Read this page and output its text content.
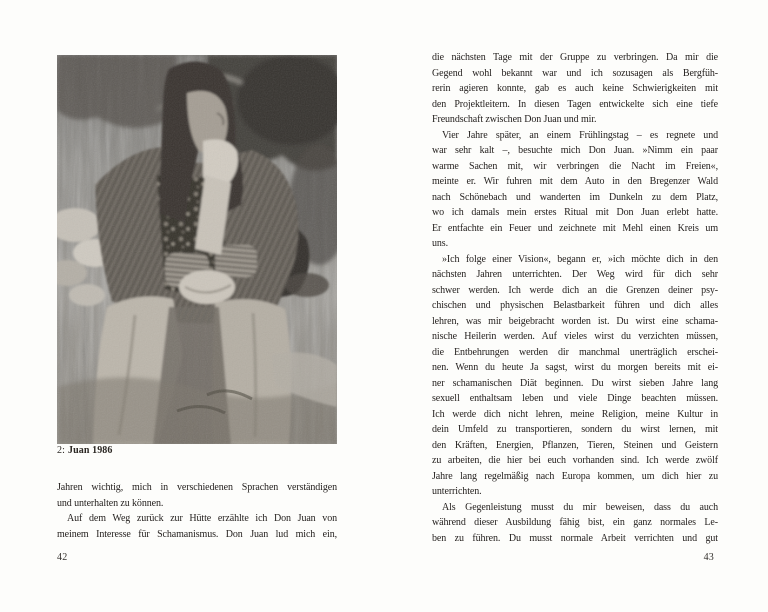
2: Juan 1986
Jahren wichtig, mich in verschiedenen Sprachen verständigen
und unterhalten zu können.
Auf dem Weg zurück zur Hütte erzählte ich Don Juan von
meinem Interesse für Schamanismus. Don Juan lud mich ein,
42
die nächsten Tage mit der Gruppe zu verbringen. Da mir die
Gegend wohl bekannt war und ich sozusagen als Bergfüh-
rerin agieren konnte, gab es auch keine Schwierigkeiten mit
den Projektleitern. In diesen Tagen entwickelte sich eine tiefe
Freundschaft zwischen Don Juan und mir.
Vier Jahre später, an einem Frühlingstag – es regnete und
war sehr kalt –, besuchte mich Don Juan. »Nimm ein paar
warme Sachen mit, wir verbringen die Nacht im Freien«,
meinte er. Wir fuhren mit dem Auto in den Bregenzer Wald
nach Schönebach und wanderten im Dunkeln zu dem Platz,
wo ich damals mein erstes Ritual mit Don Juan erlebt hatte.
Er entfachte ein Feuer und zeichnete mit Mehl einen Kreis um
uns.
»Ich folge einer Vision«, begann er, »ich möchte dich in den
nächsten Jahren unterrichten. Der Weg wird für dich sehr
schwer werden. Ich werde dich an die Grenzen deiner psy-
chischen und physischen Belastbarkeit führen und dich alles
lehren, was mir beigebracht worden ist. Du wirst eine schama-
nische Heilerin werden. Auf vieles wirst du verzichten müssen,
die Entbehrungen werden dir manchmal unerträglich erschei-
nen. Wenn du heute Ja sagst, wirst du morgen bereits mit ei-
ner schamanischen Diät beginnen. Du wirst sieben Jahre lang
sexuell enthaltsam leben und viele Dinge beachten müssen.
Ich werde dich nicht lehren, meine Religion, meine Kultur in
dein Umfeld zu transportieren, sondern du wirst lernen, mit
den Kräften, Energien, Pflanzen, Tieren, Steinen und Geistern
zu arbeiten, die hier bei euch vorhanden sind. Ich werde zwölf
Jahre lang regelmäßig nach Europa kommen, um dich hier zu
unterrichten.
Als Gegenleistung musst du mir beweisen, dass du auch
während dieser Ausbildung fähig bist, ein ganz normales Le-
ben zu führen. Du musst normale Arbeit verrichten und gut
43
